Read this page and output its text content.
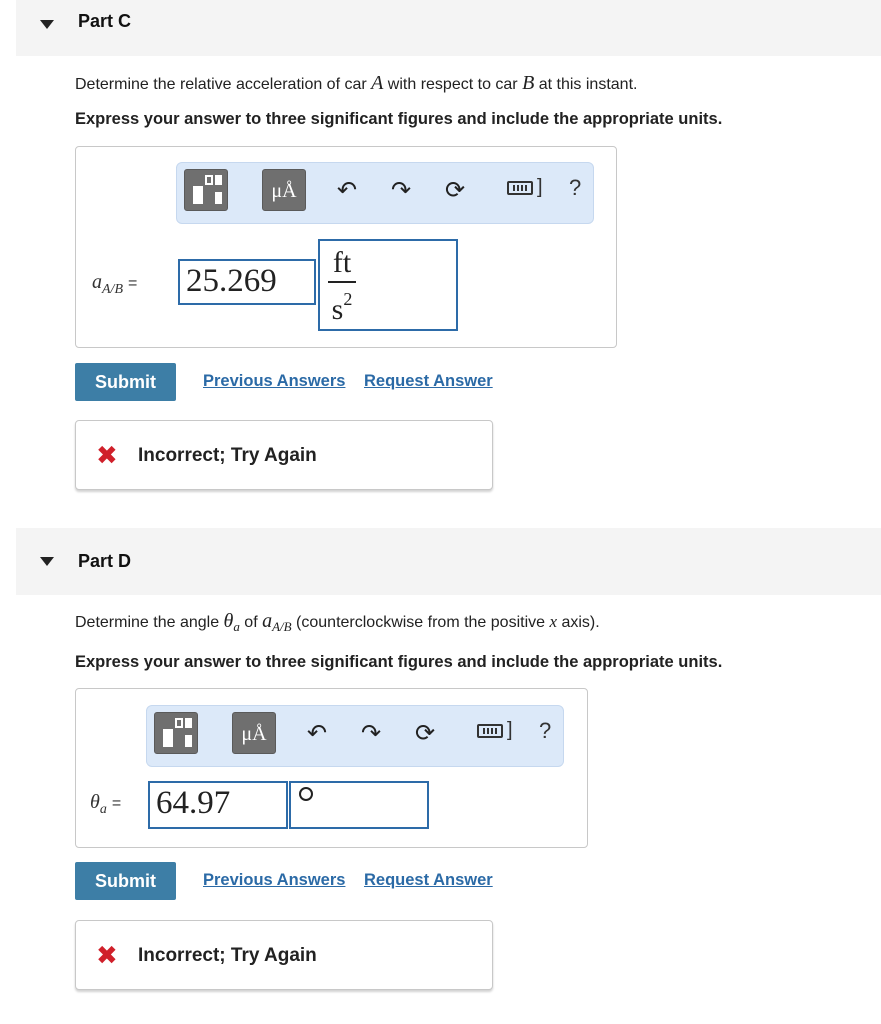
Part C
Determine the relative acceleration of car A with respect to car B at this instant.
Express your answer to three significant figures and include the appropriate units.
μÅ	↶ ↷ ⟳	] ?
$a_{A/B} = 25.269$
ft
$s^2$
Submit	Previous Answers Request Answer
✖ Incorrect; Try Again
Part D
Determine the angle $\theta_a$ of $a_{A/B}$ (counterclockwise from the positive x axis).
Express your answer to three significant figures and include the appropriate units.
μÅ	↶ ↷ ⟳	] ?
$\theta_a = 64.97$
Submit	Previous Answers Request Answer
✖ Incorrect; Try Again
